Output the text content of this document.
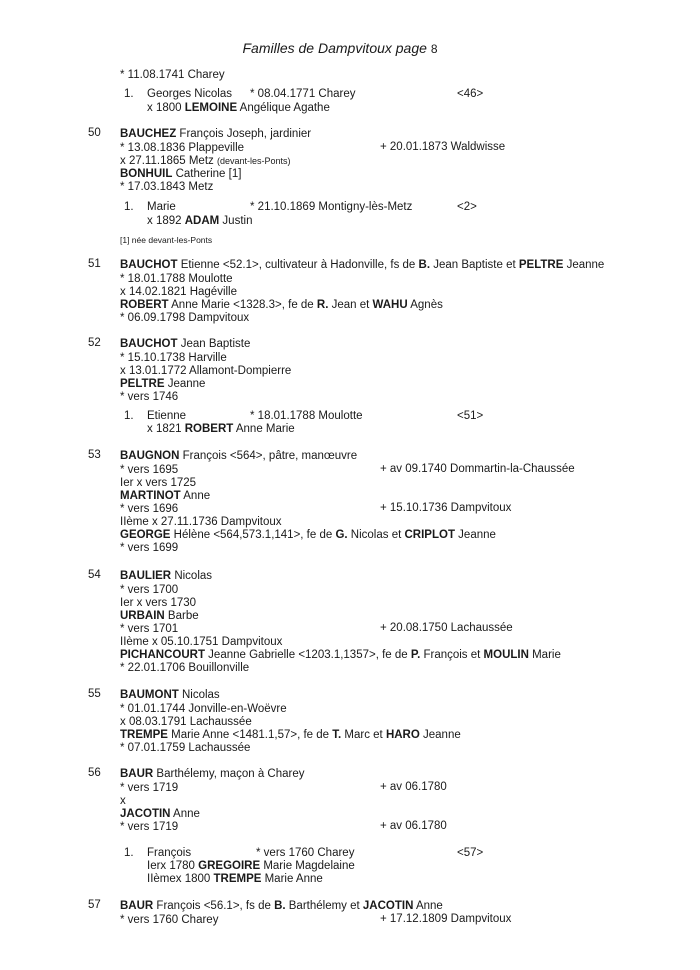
Familles de Dampvitoux page 8
* 11.08.1741 Charey
1. Georges Nicolas * 08.04.1771 Charey	<46>
x 1800 LEMOINE Angélique Agathe
50 BAUCHEZ François Joseph, jardinier
* 13.08.1836 Plappeville	+ 20.01.1873 Waldwisse
x 27.11.1865 Metz (devant-les-Ponts)
BONHUIL Catherine [1]
* 17.03.1843 Metz
1. Marie	* 21.10.1869 Montigny-lès-Metz	<2>
x 1892 ADAM Justin
[1] née devant-les-Ponts
51 BAUCHOT Etienne <52.1>, cultivateur à Hadonville, fs de B. Jean Baptiste et PELTRE Jeanne
* 18.01.1788 Moulotte
x 14.02.1821 Hagéville
ROBERT Anne Marie <1328.3>, fe de R. Jean et WAHU Agnès
* 06.09.1798 Dampvitoux
52 BAUCHOT Jean Baptiste
* 15.10.1738 Harville
x 13.01.1772 Allamont-Dompierre
PELTRE Jeanne
* vers 1746
1. Etienne	* 18.01.1788 Moulotte	<51>
x 1821 ROBERT Anne Marie
53 BAUGNON François <564>, pâtre, manœuvre
* vers 1695	+ av 09.1740 Dommartin-la-Chaussée
Ier x vers 1725
MARTINOT Anne
* vers 1696	+ 15.10.1736 Dampvitoux
IIème x 27.11.1736 Dampvitoux
GEORGE Hélène <564,573.1,141>, fe de G. Nicolas et CRIPLOT Jeanne
* vers 1699
54 BAULIER Nicolas
* vers 1700
Ier x vers 1730
URBAIN Barbe
* vers 1701	+ 20.08.1750 Lachaussée
IIème x 05.10.1751 Dampvitoux
PICHANCOURT Jeanne Gabrielle <1203.1,1357>, fe de P. François et MOULIN Marie
* 22.01.1706 Bouillonville
55 BAUMONT Nicolas
* 01.01.1744 Jonville-en-Woëvre
x 08.03.1791 Lachaussée
TREMPE Marie Anne <1481.1,57>, fe de T. Marc et HARO Jeanne
* 07.01.1759 Lachaussée
56 BAUR Barthélemy, maçon à Charey
* vers 1719	+ av 06.1780
x
JACOTIN Anne
* vers 1719	+ av 06.1780
1. François	* vers 1760 Charey	<57>
Ierx 1780 GREGOIRE Marie Magdelaine
IIèmex 1800 TREMPE Marie Anne
57 BAUR François <56.1>, fs de B. Barthélemy et JACOTIN Anne
* vers 1760 Charey	+ 17.12.1809 Dampvitoux
